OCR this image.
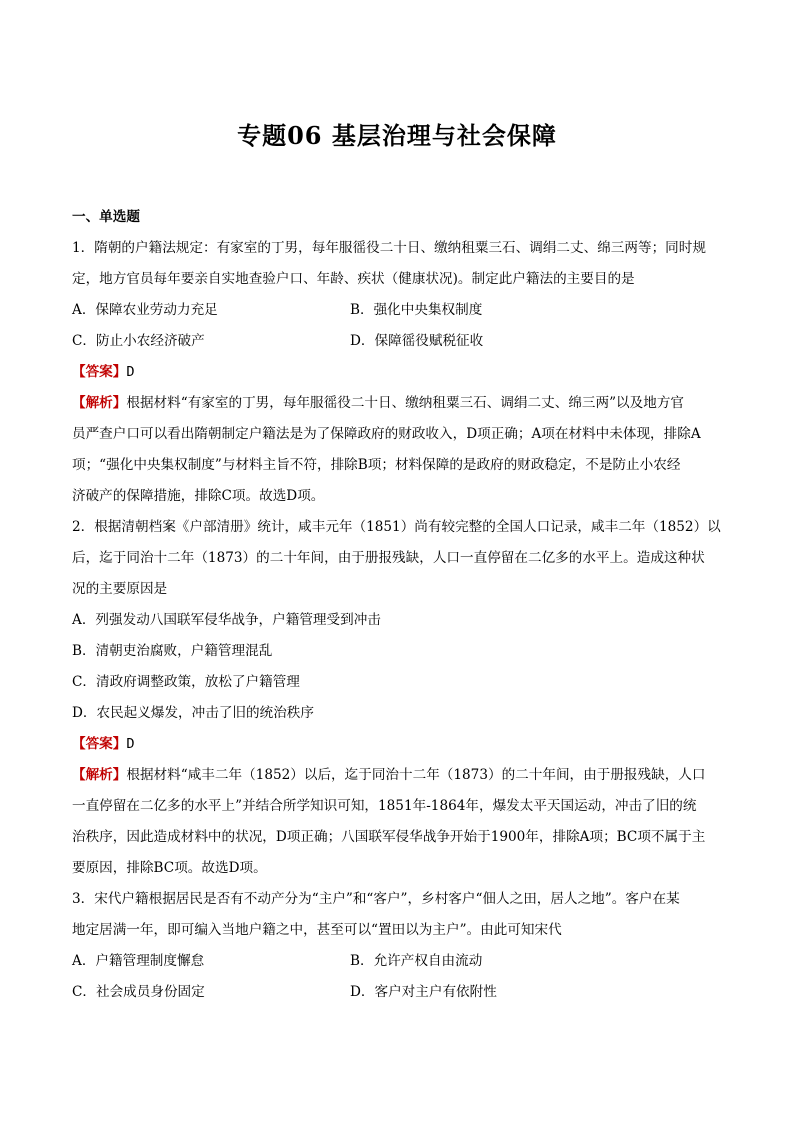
专题06 基层治理与社会保障
一、单选题
1．隋朝的户籍法规定：有家室的丁男，每年服徭役二十日、缴纳租粟三石、调绢二丈、绵三两等；同时规
定，地方官员每年要亲自实地查验户口、年龄、疾状（健康状况)。制定此户籍法的主要目的是
A．保障农业劳动力充足	B．强化中央集权制度
C．防止小农经济破产	D．保障徭役赋税征收
【答案】D
【解析】根据材料“有家室的丁男，每年服徭役二十日、缴纳租粟三石、调绢二丈、绵三两”以及地方官
员严查户口可以看出隋朝制定户籍法是为了保障政府的财政收入，D项正确；A项在材料中未体现，排除A
项；“强化中央集权制度”与材料主旨不符，排除B项；材料保障的是政府的财政稳定，不是防止小农经
济破产的保障措施，排除C项。故选D项。
2．根据清朝档案《户部清册》统计，咸丰元年（1851）尚有较完整的全国人口记录，咸丰二年（1852）以
后，迄于同治十二年（1873）的二十年间，由于册报残缺，人口一直停留在二亿多的水平上。造成这种状
况的主要原因是
A．列强发动八国联军侵华战争，户籍管理受到冲击
B．清朝吏治腐败，户籍管理混乱
C．清政府调整政策，放松了户籍管理
D．农民起义爆发，冲击了旧的统治秩序
【答案】D
【解析】根据材料“咸丰二年（1852）以后，迄于同治十二年（1873）的二十年间，由于册报残缺，人口
一直停留在二亿多的水平上”并结合所学知识可知，1851年-1864年，爆发太平天国运动，冲击了旧的统
治秩序，因此造成材料中的状况，D项正确；八国联军侵华战争开始于1900年，排除A项；BC项不属于主
要原因，排除BC项。故选D项。
3．宋代户籍根据居民是否有不动产分为“主户”和“客户”，乡村客户“佃人之田，居人之地”。客户在某
地定居满一年，即可编入当地户籍之中，甚至可以“置田以为主户”。由此可知宋代
A．户籍管理制度懈怠	B．允许产权自由流动
C．社会成员身份固定	D．客户对主户有依附性
